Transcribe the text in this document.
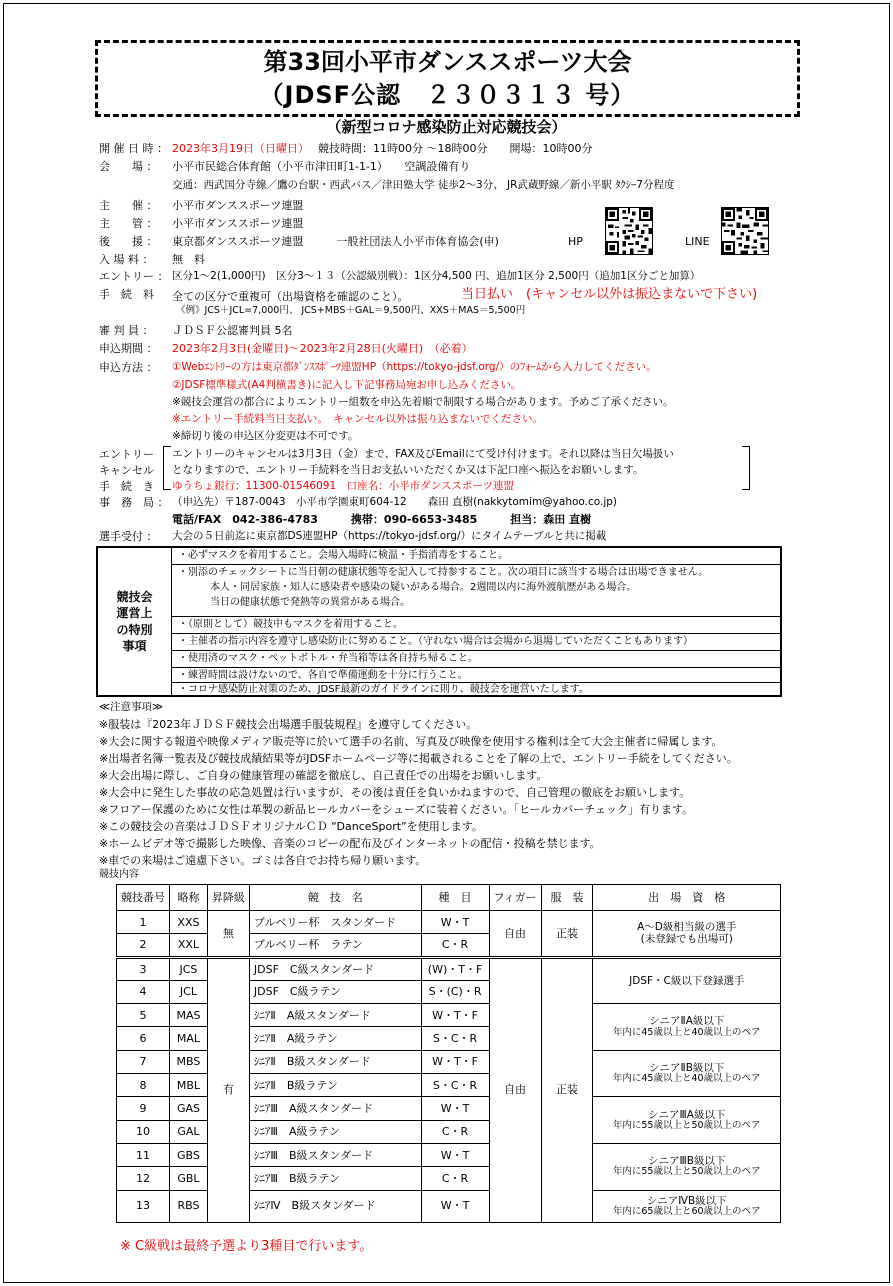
第33回小平市ダンススポーツ大会
（JDSF公認　２３０３１３ 号）
（新型コロナ感染防止対応競技会）
開 催 日 時 ： 2023年3月19日（日曜日） 競技時間：11時00分 ～18時00分　　開場：10時00分
会　　場 ： 小平市民総合体育館（小平市津田町1-1-1）　　空調設備有り
交通：西武国分寺線／鷹の台駅・西武バス／津田塾大学 徒歩2～3分、 JR武蔵野線／新小平駅 ﾀｸｼｰ7分程度
主　　催 ： 小平市ダンススポーツ連盟
主　　管 ： 小平市ダンススポーツ連盟
後　　援 ： 東京都ダンススポーツ連盟　　　一般社団法人小平市体育協会(申)	HP	LINE
入 場 料 ： 無　料
エントリー ： 区分1～2(1,000円)　区分3～１３（公認級別戦）：1区分4,500 円、追加1区分 2,500円（追加1区分ごと加算）
手　続　料 全ての区分で重複可（出場資格を確認のこと）。	当日払い　(キャンセル以外は振込まないで下さい)
《例》JCS＋JCL=7,000円、 JCS+MBS＋GAL＝9,500円、XXS＋MAS＝5,500円
審 判 員 ： ＪＤＳＦ公認審判員 5名
申込期間 ： 2023年2月3日(金曜日)～2023年2月28日(火曜日)　（必着）
申込方法 ： ①Webｴﾝﾄﾘｰの方は東京都ﾀﾞﾝｽｽﾎﾟｰﾂ連盟HP（https://tokyo-jdsf.org/）のﾌｫｰﾑから入力してください。
②JDSF標準様式(A4判横書き)に記入し下記事務局宛お申し込みください。
※競技会運営の都合によりエントリー組数を申込先着順で制限する場合があります。予めご了承ください。
※エントリー手続料当日支払い。　キャンセル以外は振り込まないでください。
※締切り後の申込区分変更は不可です。
エントリー
キャンセル
手　続　き
エントリーのキャンセルは3月3日（金）まで、FAX及びEmailにて受け付けます。それ以降は当日欠場扱い
となりますので、エントリー手続料を当日お支払いいただくか又は下記口座へ振込をお願いします。
ゆうちょ銀行：11300-01546091　口座名：小平市ダンススポーツ連盟
事　務　局 ： （申込先）〒187-0043　小平市学園東町604-12　　森田 直樹(nakkytomim@yahoo.co.jp)
電話/FAX　042-386-4783　　　携帯：090-6653-3485　　　担当：森田 直樹
選手受付 ： 大会の５日前迄に東京都DS連盟HP（https://tokyo-jdsf.org/）にタイムテーブルと共に掲載
競技会
運営上
の特別
事項
・必ずマスクを着用すること。会場入場時に検温・手指消毒をすること。
・別添のチェックシートに当日朝の健康状態等を記入して持参すること。次の項目に該当する場合は出場できません。
本人・同居家族・知人に感染者や感染の疑いがある場合。2週間以内に海外渡航歴がある場合。
当日の健康状態で発熱等の異常がある場合。
・（原則として）競技中もマスクを着用すること。
・主催者の指示内容を遵守し感染防止に努めること。（守れない場合は会場から退場していただくこともあります）
・使用済のマスク・ペットボトル・弁当箱等は各自持ち帰ること。
・練習時間は設けないので、各自で準備運動を十分に行うこと。
・コロナ感染防止対策のため、JDSF最新のガイドラインに則り、競技会を運営いたします。
≪注意事項≫
※服装は『2023年ＪＤＳＦ競技会出場選手服装規程』を遵守してください。
※大会に関する報道や映像メディア販売等に於いて選手の名前、写真及び映像を使用する権利は全て大会主催者に帰属します。
※出場者名簿一覧表及び競技成績結果等がJDSFホームページ等に掲載されることを了解の上で、エントリー手続をしてください。
※大会出場に際し、ご自身の健康管理の確認を徹底し、自己責任での出場をお願いします。
※大会中に発生した事故の応急処置は行いますが、その後は責任を負いかねますので、自己管理の徹底をお願いします。
※フロアー保護のために女性は革製の新品ヒールカバーをシューズに装着ください。「ヒールカバーチェック」有ります。
※この競技会の音楽はＪＤＳＦオリジナルＣＤ “DanceSport”を使用します。
※ホームビデオ等で撮影した映像、音楽のコピーの配布及びインターネットの配信・投稿を禁じます。
※車での来場はご遠慮下さい。ゴミは各自でお持ち帰り願います。
競技内容
競技番号	略称	昇降級	競　技　名	種　目	フィガー	服　装	出　場　資　格
1	XXS	無	ブルベリー杯　スタンダード	W・T	自由	正装	A～D級相当級の選手
(未登録でも出場可)

2	XXL		ブルベリー杯　ラテン	C・R			
3	JCS	有	JDSF　C級スタンダード	(W)・T・F	自由	正装	JDSF・C級以下登録選手
4	JCL		JDSF　C級ラテン	S・(C)・R			
5	MAS		ｼﾆｱⅡ　A級スタンダード	W・T・F			シニアⅡA級以下
年内に45歳以上と40歳以上のペア

6	MAL		ｼﾆｱⅡ　A級ラテン	S・C・R			
7	MBS		ｼﾆｱⅡ　B級スタンダード	W・T・F			シニアⅡB級以下
年内に45歳以上と40歳以上のペア

8	MBL		ｼﾆｱⅡ　B級ラテン	S・C・R			
9	GAS		ｼﾆｱⅢ　A級スタンダード	W・T			シニアⅢA級以下
年内に55歳以上と50歳以上のペア

10	GAL		ｼﾆｱⅢ　A級ラテン	C・R			
11	GBS		ｼﾆｱⅢ　B級スタンダード	W・T			シニアⅢB級以下
年内に55歳以上と50歳以上のペア

12	GBL		ｼﾆｱⅢ　B級ラテン	C・R			
13	RBS		ｼﾆｱⅣ　B級スタンダード	W・T			シニアⅣB級以下
年内に65歳以上と60歳以上のペア
※ C級戦は最終予選より3種目で行います。
